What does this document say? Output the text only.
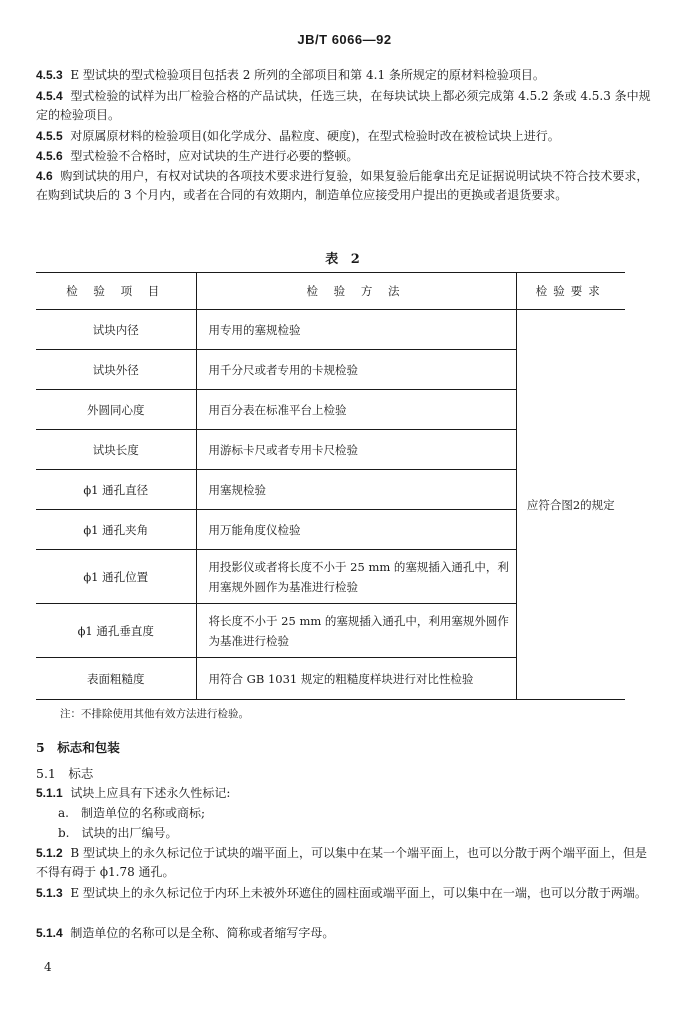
JB/T 6066—92
4.5.3 E 型试块的型式检验项目包括表 2 所列的全部项目和第 4.1 条所规定的原材料检验项目。
4.5.4 型式检验的试样为出厂检验合格的产品试块，任选三块，在每块试块上都必须完成第 4.5.2 条或 4.5.3 条中规定的检验项目。
4.5.5 对原属原材料的检验项目(如化学成分、晶粒度、硬度)，在型式检验时改在被检试块上进行。
4.5.6 型式检验不合格时，应对试块的生产进行必要的整顿。
4.6 购到试块的用户，有权对试块的各项技术要求进行复验，如果复验后能拿出充足证据说明试块不符合技术要求，在购到试块后的 3 个月内，或者在合同的有效期内，制造单位应接受用户提出的更换或者退货要求。
表 2
检 验 项 目	检 验 方 法	检验要求
试块内径	用专用的塞规检验	应符合图2的规定
试块外径	用千分尺或者专用的卡规检验	
外圆同心度	用百分表在标准平台上检验	
试块长度	用游标卡尺或者专用卡尺检验	
ϕ1 通孔直径	用塞规检验	
ϕ1 通孔夹角	用万能角度仪检验	
ϕ1 通孔位置	用投影仪或者将长度不小于 25 mm 的塞规插入通孔中，利用塞规外圆作为基准进行检验	
ϕ1 通孔垂直度	将长度不小于 25 mm 的塞规插入通孔中，利用塞规外圆作为基准进行检验	
表面粗糙度	用符合 GB 1031 规定的粗糙度样块进行对比性检验	
注：不排除使用其他有效方法进行检验。
5　标志和包装
5.1　标志
5.1.1 试块上应具有下述永久性标记:
a.　制造单位的名称或商标;
b.　试块的出厂编号。
5.1.2 B 型试块上的永久标记位于试块的端平面上，可以集中在某一个端平面上，也可以分散于两个端平面上，但是不得有碍于 ϕ1.78 通孔。
5.1.3 E 型试块上的永久标记位于内环上未被外环遮住的圆柱面或端平面上，可以集中在一端，也可以分散于两端。
5.1.4 制造单位的名称可以是全称、简称或者缩写字母。
4
